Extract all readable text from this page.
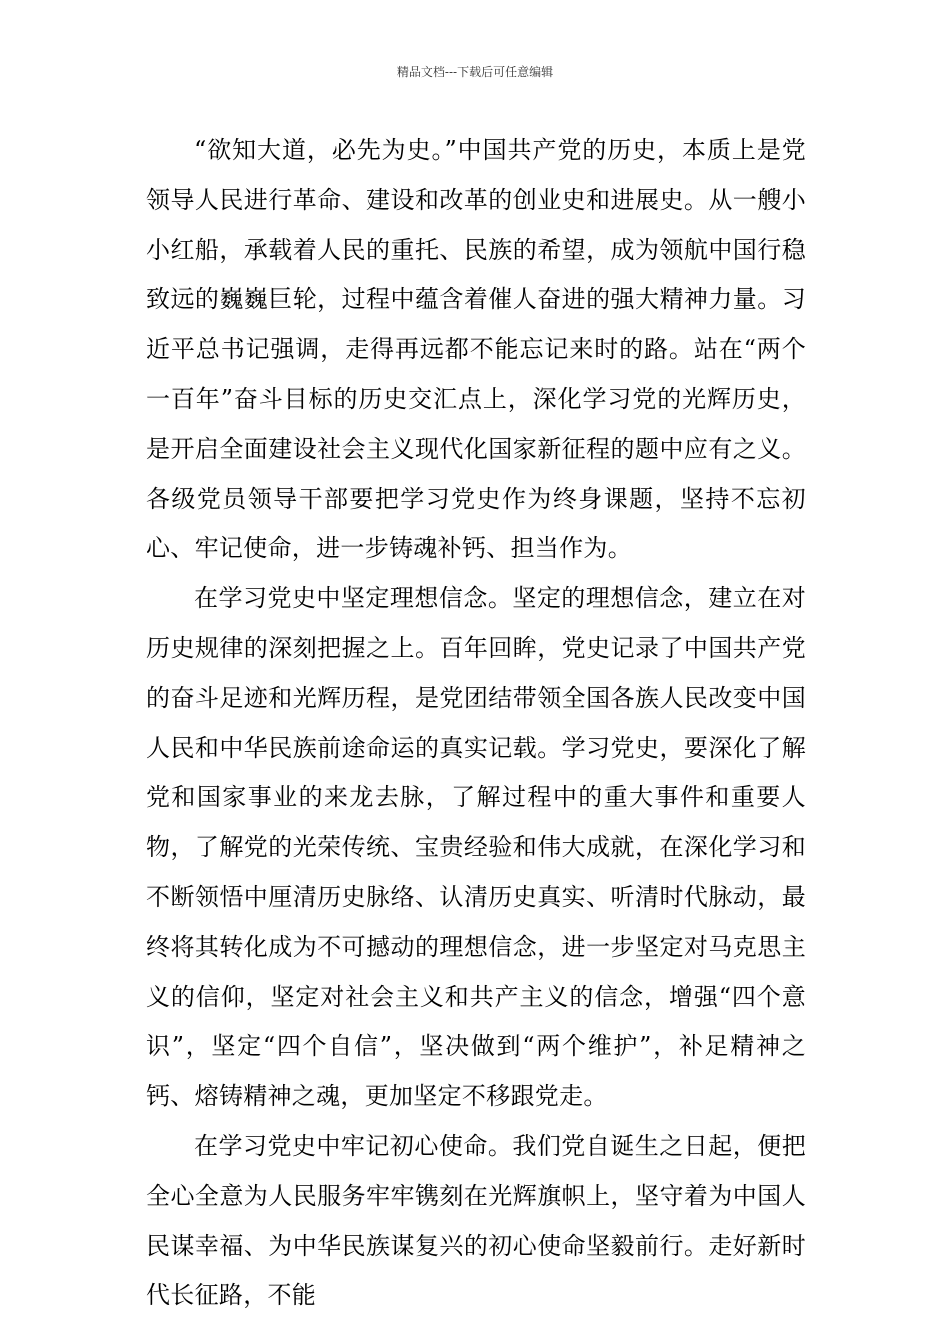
精品文档---下载后可任意编辑

“欲知大道，必先为史。”中国共产党的历史，本质上是党领导人民进行革命、建设和改革的创业史和进展史。从一艘小小红船，承载着人民的重托、民族的希望，成为领航中国行稳致远的巍巍巨轮，过程中蕴含着催人奋进的强大精神力量。习近平总书记强调，走得再远都不能忘记来时的路。站在“两个一百年”奋斗目标的历史交汇点上，深化学习党的光辉历史，是开启全面建设社会主义现代化国家新征程的题中应有之义。各级党员领导干部要把学习党史作为终身课题，坚持不忘初心、牢记使命，进一步铸魂补钙、担当作为。

在学习党史中坚定理想信念。坚定的理想信念，建立在对历史规律的深刻把握之上。百年回眸，党史记录了中国共产党的奋斗足迹和光辉历程，是党团结带领全国各族人民改变中国人民和中华民族前途命运的真实记载。学习党史，要深化了解党和国家事业的来龙去脉，了解过程中的重大事件和重要人物，了解党的光荣传统、宝贵经验和伟大成就，在深化学习和不断领悟中厘清历史脉络、认清历史真实、听清时代脉动，最终将其转化成为不可撼动的理想信念，进一步坚定对马克思主义的信仰，坚定对社会主义和共产主义的信念，增强“四个意识”，坚定“四个自信”，坚决做到“两个维护”，补足精神之钙、熔铸精神之魂，更加坚定不移跟党走。

在学习党史中牢记初心使命。我们党自诞生之日起，便把全心全意为人民服务牢牢镌刻在光辉旗帜上，坚守着为中国人民谋幸福、为中华民族谋复兴的初心使命坚毅前行。走好新时代长征路，不能
